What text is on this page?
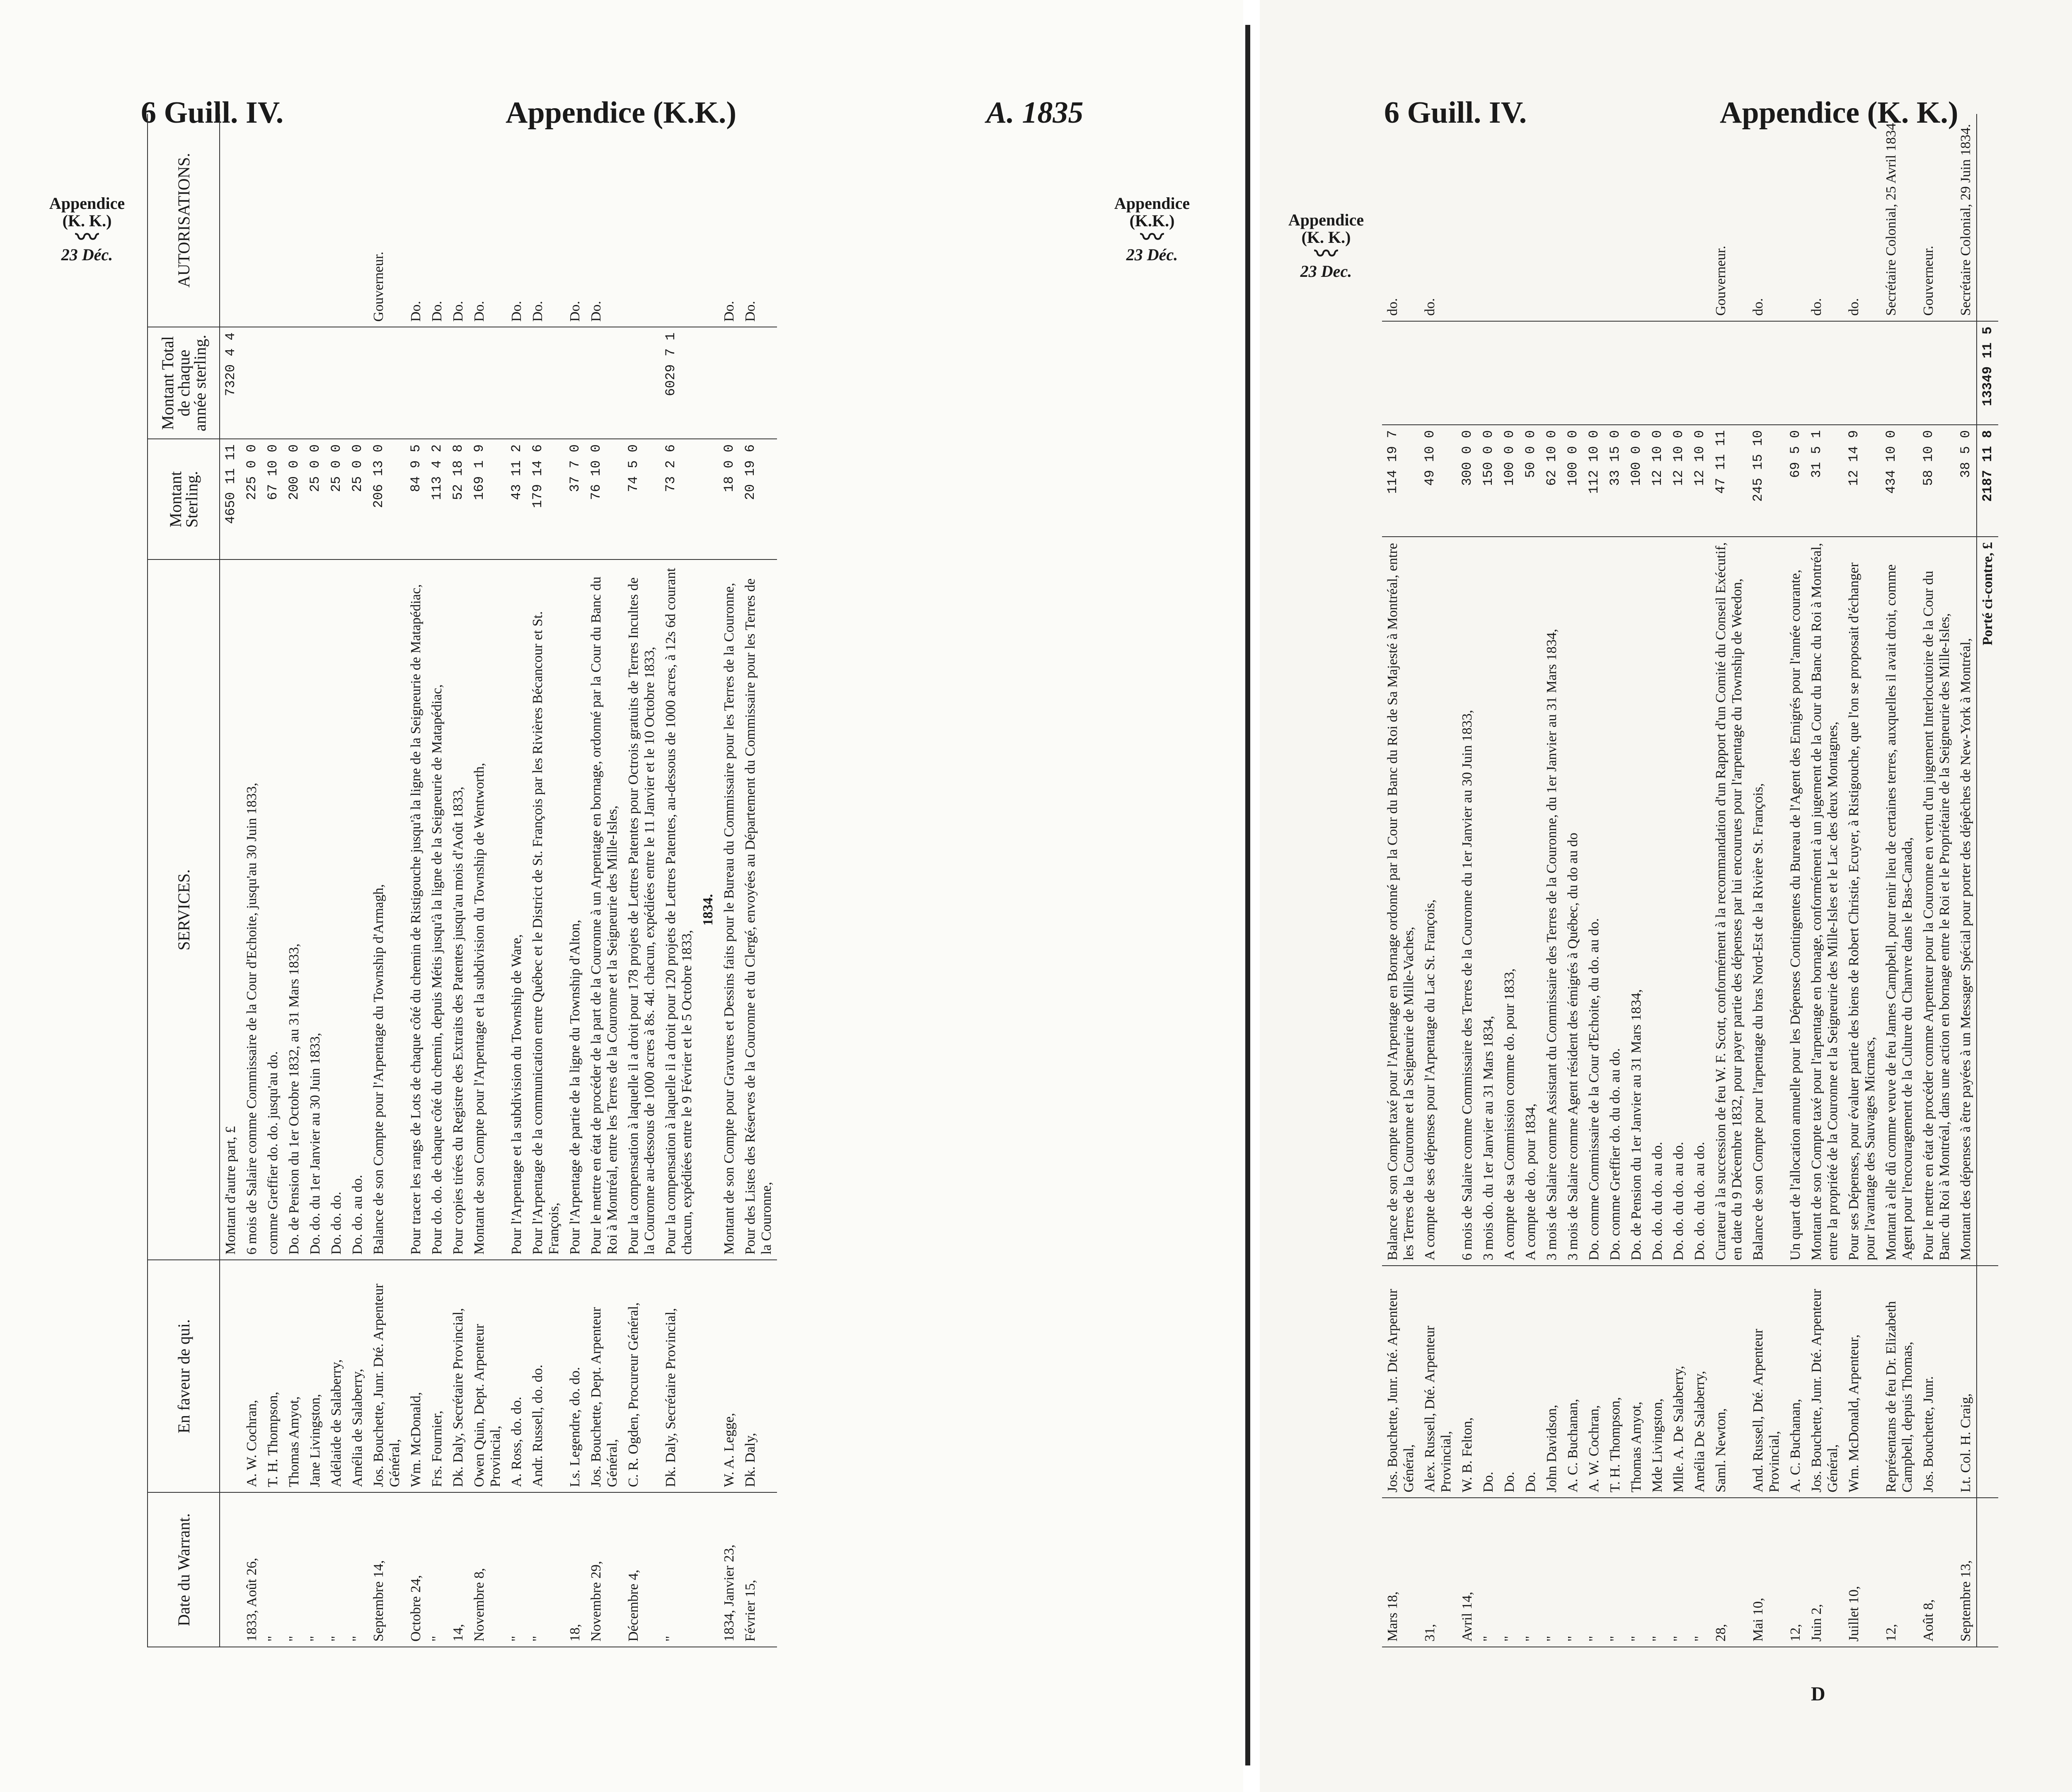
6 Guill. IV.	Appendice (K.K.)	A. 1835
Appendice
(K. K.)
〰
23 Déc.
Appendice
(K.K.)
〰
23 Déc.
Date du Warrant.	En faveur de qui.	SERVICES.	Montant Sterling.	Montant Total de chaque année sterling.	AUTORISATIONS.
		Montant d'autre part, £	4650 11 11	7320 4 4	
1833, Août 26,	A. W. Cochran,	6 mois de Salaire comme Commissaire de la Cour d'Echoite, jusqu'au 30 Juin 1833,	225 0 0		
"	T. H. Thompson,	comme Greffier do. do. jusqu'au do.	67 10 0		
"	Thomas Amyot,	Do. de Pension du 1er Octobre 1832, au 31 Mars 1833,	200 0 0		
"	Jane Livingston,	Do. do. du 1er Janvier au 30 Juin 1833,	25 0 0		
"	Adélaide de Salaberry,	Do. do. do.	25 0 0		
"	Amélia de Salaberry,	Do. do. au do.	25 0 0		
Septembre 14,	Jos. Bouchette, Junr. Dté. Arpenteur Général,	Balance de son Compte pour l'Arpentage du Township d'Armagh,	206 13 0		Gouverneur.
Octobre 24,	Wm. McDonald,	Pour tracer les rangs de Lots de chaque côté du chemin de Ristigouche jusqu'à la ligne de la Seigneurie de Matapédiac,	84 9 5		Do.
"	Frs. Fournier,	Pour do. do. de chaque côté du chemin, depuis Métis jusqu'à la ligne de la Seigneurie de Matapédiac,	113 4 2		Do.
14,	Dk. Daly, Secrétaire Provincial,	Pour copies tirées du Registre des Extraits des Patentes jusqu'au mois d'Août 1833,	52 18 8		Do.
Novembre 8,	Owen Quin, Dept. Arpenteur Provincial,	Montant de son Compte pour l'Arpentage et la subdivision du Township de Wentworth,	169 1 9		Do.
"	A. Ross, do. do.	Pour l'Arpentage et la subdivision du Township de Ware,	43 11 2		Do.
"	Andr. Russell, do. do.	Pour l'Arpentage de la communication entre Québec et le District de St. François par les Rivières Bécancour et St. François,	179 14 6		Do.
18,	Ls. Legendre, do. do.	Pour l'Arpentage de partie de la ligne du Township d'Alton,	37 7 0		Do.
Novembre 29,	Jos. Bouchette, Dept. Arpenteur Général,	Pour le mettre en état de procéder de la part de la Couronne à un Arpentage en bornage, ordonné par la Cour du Banc du Roi à Montréal, entre les Terres de la Couronne et la Seigneurie des Mille-Isles,	76 10 0		Do.
Décembre 4,	C. R. Ogden, Procureur Général,	Pour la compensation à laquelle il a droit pour 178 projets de Lettres Patentes pour Octrois gratuits de Terres Incultes de la Couronne au-dessous de 1000 acres à 8s. 4d. chacun, expédiées entre le 11 Janvier et le 10 Octobre 1833,	74 5 0		
"	Dk. Daly, Secrétaire Provincial,	Pour la compensation à laquelle il a droit pour 120 projets de Lettres Patentes, au-dessous de 1000 acres, à 12s 6d courant chacun, expédiées entre le 9 Février et le 5 Octobre 1833,	73 2 6	6029 7 1	
		1834.			
1834, Janvier 23,	W. A. Legge,	Montant de son Compte pour Gravures et Dessins faits pour le Bureau du Commissaire pour les Terres de la Couronne,	18 0 0		Do.
Février 15,	Dk. Daly,	Pour des Listes des Réserves de la Couronne et du Clergé, envoyées au Département du Commissaire pour les Terres de la Couronne,	20 19 6		Do.
6 Guill. IV.	Appendice (K. K.)
Appendice
(K. K.)
〰
23 Dec.

Mars 18,	Jos. Bouchette, Junr. Dté. Arpenteur Général,	Balance de son Compte taxé pour l'Arpentage en Bornage ordonné par la Cour du Banc du Roi de Sa Majesté à Montréal, entre les Terres de la Couronne et la Seigneurie de Mille-Vaches,	114 19 7		do.
31,	Alex. Russell, Dté. Arpenteur Provincial,	A compte de ses dépenses pour l'Arpentage du Lac St. François,	49 10 0		do.
Avril 14,	W. B. Felton,	6 mois de Salaire comme Commissaire des Terres de la Couronne du 1er Janvier au 30 Juin 1833,	300 0 0		
"	Do.	3 mois do. du 1er Janvier au 31 Mars 1834,	150 0 0		
"	Do.	A compte de sa Commission comme do. pour 1833,	100 0 0		
"	Do.	A compte de do. pour 1834,	50 0 0		
"	John Davidson,	3 mois de Salaire comme Assistant du Commissaire des Terres de la Couronne, du 1er Janvier au 31 Mars 1834,	62 10 0		
"	A. C. Buchanan,	3 mois de Salaire comme Agent résident des émigrés à Québec, du do au do	100 0 0		
"	A. W. Cochran,	Do. comme Commissaire de la Cour d'Echoite, du do. au do.	112 10 0		
"	T. H. Thompson,	Do. comme Greffier do. du do. au do.	33 15 0		
"	Thomas Amyot,	Do. de Pension du 1er Janvier au 31 Mars 1834,	100 0 0		
"	Mde Livingston,	Do. do. du do. au do.	12 10 0		
"	Mlle. A. De Salaberry,	Do. do. du do. au do.	12 10 0		
"	Amélia De Salaberry,	Do. do. du do. au do.	12 10 0		
28,	Saml. Newton,	Curateur à la succession de feu W. F. Scott, conformément à la recommandation d'un Rapport d'un Comité du Conseil Exécutif, en date du 9 Décembre 1832, pour payer partie des dépenses par lui encourues pour l'arpentage du Township de Weedon,	47 11 11		Gouverneur.
Mai 10,	And. Russell, Dté. Arpenteur Provincial,	Balance de son Compte pour l'arpentage du bras Nord-Est de la Rivière St. François,	245 15 10		do.
12,	A. C. Buchanan,	Un quart de l'allocation annuelle pour les Dépenses Contingentes du Bureau de l'Agent des Emigrés pour l'année courante,	69 5 0		
Juin 2,	Jos. Bouchette, Junr. Dté. Arpenteur Général,	Montant de son Compte taxé pour l'arpentage en bornage, conformément à un jugement de la Cour du Banc du Roi à Montréal, entre la propriété de la Couronne et la Seigneurie des Mille-Isles et le Lac des deux Montagnes,	31 5 1		do.
Juillet 10,	Wm. McDonald, Arpenteur,	Pour ses Dépenses, pour évaluer partie des biens de Robert Christie, Ecuyer, à Ristigouche, que l'on se proposait d'échanger pour l'avantage des Sauvages Micmacs,	12 14 9		do.
12,	Représentans de feu Dr. Elizabeth Campbell, depuis Thomas,	Montant à elle dû comme veuve de feu James Campbell, pour tenir lieu de certaines terres, auxquelles il avait droit, comme Agent pour l'encouragement de la Culture du Chanvre dans le Bas-Canada,	434 10 0		Secrétaire Colonial, 25 Avril 1834.
Août 8,	Jos. Bouchette, Junr.	Pour le mettre en état de procéder comme Arpenteur pour la Couronne en vertu d'un jugement Interlocutoire de la Cour du Banc du Roi à Montréal, dans une action en bornage entre le Roi et le Propriétaire de la Seigneurie des Mille-Isles,	58 10 0		Gouverneur.
Septembre 13,	Lt. Col. H. Craig,	Montant des dépenses à être payées à un Messager Spécial pour porter des dépêches de New-York à Montréal,	38 5 0		Secrétaire Colonial, 29 Juin 1834.
		Porté ci-contre, £	2187 11 8	13349 11 5	
D
